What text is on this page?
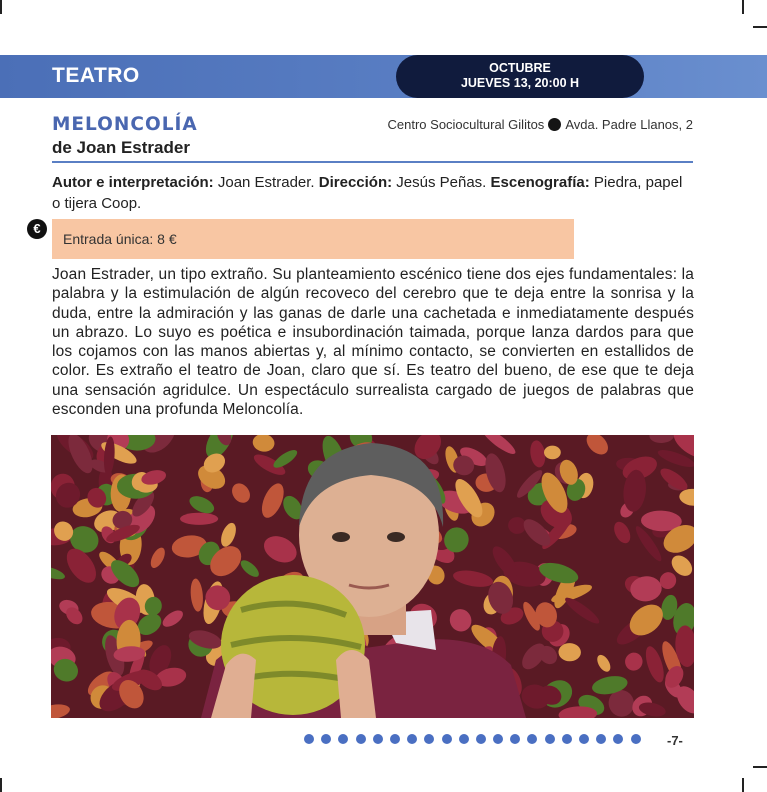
TEATRO	OCTUBRE
JUEVES 13, 20:00 H
MELONCOLÍA
de Joan Estrader
Centro Sociocultural Gilitos Avda. Padre Llanos, 2
Autor e interpretación: Joan Estrader. Dirección: Jesús Peñas. Escenografía: Piedra, papel o tijera Coop.
€
Entrada única: 8 €
Joan Estrader, un tipo extraño. Su planteamiento escénico tiene dos ejes fundamentales: la palabra y la estimulación de algún recoveco del cerebro que te deja entre la sonrisa y la duda, entre la admiración y las ganas de darle una cachetada e inmediatamente después un abrazo. Lo suyo es poética e insubordinación taimada, porque lanza dardos para que los cojamos con las manos abiertas y, al mínimo contacto, se convierten en estallidos de color. Es extraño el teatro de Joan, claro que sí. Es teatro del bueno, de ese que te deja una sensación agridulce. Un espectáculo surrealista cargado de juegos de palabras que esconden una profunda Meloncolía.
-7-
